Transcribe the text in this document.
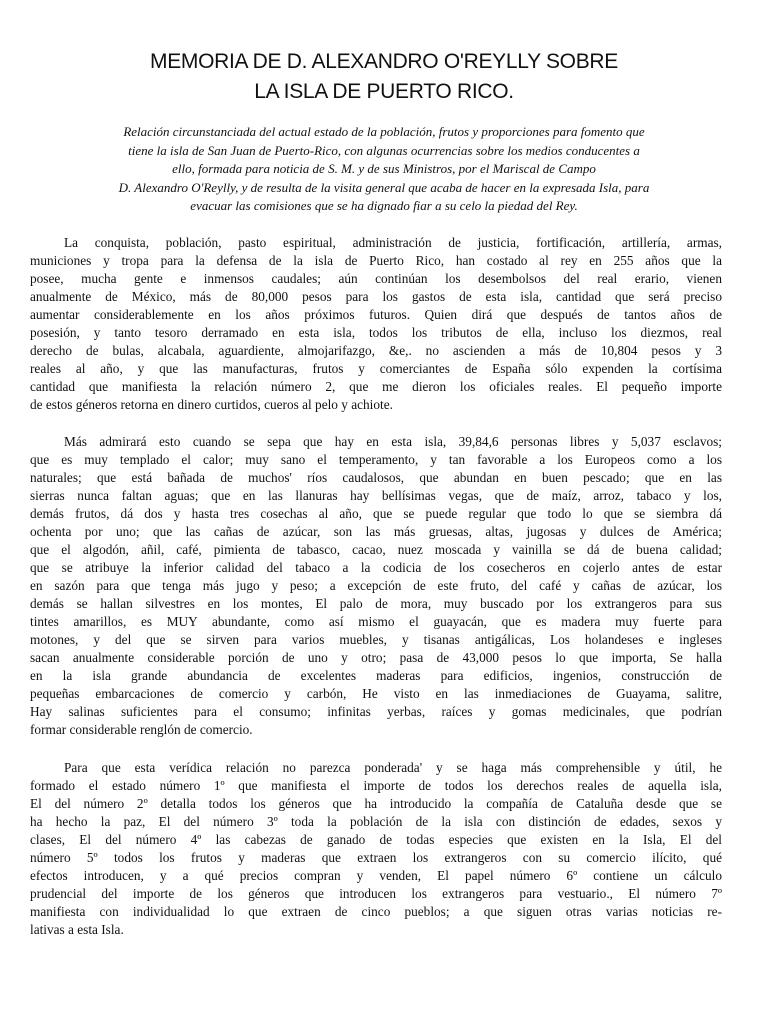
MEMORIA DE D. ALEXANDRO O'REYLLY SOBRE
LA ISLA DE PUERTO RICO.

Relación circunstanciada del actual estado de la población, frutos y proporciones para fomento que

tiene la isla de San Juan de Puerto-Rico, con algunas ocurrencias sobre los medios conducentes a

ello, formada para noticia de S. M. y de sus Ministros, por el Mariscal de Campo

D. Alexandro O'Reylly, y de resulta de la visita general que acaba de hacer en la expresada Isla, para

evacuar las comisiones que se ha dignado fiar a su celo la piedad del Rey.

La conquista, población, pasto espiritual, administración de justicia, fortificación, artillería, armas,

municiones y tropa para la defensa de la isla de Puerto Rico, han costado al rey en 255 años que la

posee, mucha gente e inmensos caudales; aún continúan los desembolsos del real erario, vienen

anualmente de México, más de 80,000 pesos para los gastos de esta isla, cantidad que será preciso

aumentar considerablemente en los años próximos futuros. Quien dirá que después de tantos años de

posesión, y tanto tesoro derramado en esta isla, todos los tributos de ella, incluso los diezmos, real

derecho de bulas, alcabala, aguardiente, almojarifazgo, &e,. no ascienden a más de 10,804 pesos y 3

reales al año, y que las manufacturas, frutos y comerciantes de España sólo expenden la cortísima

cantidad que manifiesta la relación número 2, que me dieron los oficiales reales. El pequeño importe

de estos géneros retorna en dinero curtidos, cueros al pelo y achiote.

Más admirará esto cuando se sepa que hay en esta isla, 39,84,6 personas libres y 5,037 esclavos;

que es muy templado el calor; muy sano el temperamento, y tan favorable a los Europeos como a los

naturales; que está bañada de muchos' ríos caudalosos, que abundan en buen pescado; que en las

sierras nunca faltan aguas; que en las llanuras hay bellísimas vegas, que de maíz, arroz, tabaco y los,

demás frutos, dá dos y hasta tres cosechas al año, que se puede regular que todo lo que se siembra dá

ochenta por uno; que las cañas de azúcar, son las más gruesas, altas, jugosas y dulces de América;

que el algodón, añil, café, pimienta de tabasco, cacao, nuez moscada y vainilla se dá de buena calidad;

que se atribuye la inferior calidad del tabaco a la codicia de los cosecheros en cojerlo antes de estar

en sazón para que tenga más jugo y peso; a excepción de este fruto, del café y cañas de azúcar, los

demás se hallan silvestres en los montes, El palo de mora, muy buscado por los extrangeros para sus

tintes amarillos, es MUY abundante, como así mismo el guayacán, que es madera muy fuerte para

motones, y del que se sirven para varios muebles, y tisanas antigálicas, Los holandeses e ingleses

sacan anualmente considerable porción de uno y otro; pasa de 43,000 pesos lo que importa, Se halla

en la isla grande abundancia de excelentes maderas para edificios, ingenios, construcción de

pequeñas embarcaciones de comercio y carbón, He visto en las inmediaciones de Guayama, salitre,

Hay salinas suficientes para el consumo; infinitas yerbas, raíces y gomas medicinales, que podrían

formar considerable renglón de comercio.

Para que esta verídica relación no parezca ponderada' y se haga más comprehensible y útil, he

formado el estado número 1º que manifiesta el importe de todos los derechos reales de aquella isla,

El del número 2º detalla todos los géneros que ha introducido la compañía de Cataluña desde que se

ha hecho la paz, El del número 3º toda la población de la isla con distinción de edades, sexos y

clases, El del número 4º las cabezas de ganado de todas especies que existen en la Isla, El del

número 5º todos los frutos y maderas que extraen los extrangeros con su comercio ilícito, qué

efectos introducen, y a qué precios compran y venden, El papel número 6º contiene un cálculo

prudencial del importe de los géneros que introducen los extrangeros para vestuario., El número 7º

manifiesta con individualidad lo que extraen de cinco pueblos; a que siguen otras varias noticias re-

lativas a esta Isla.
